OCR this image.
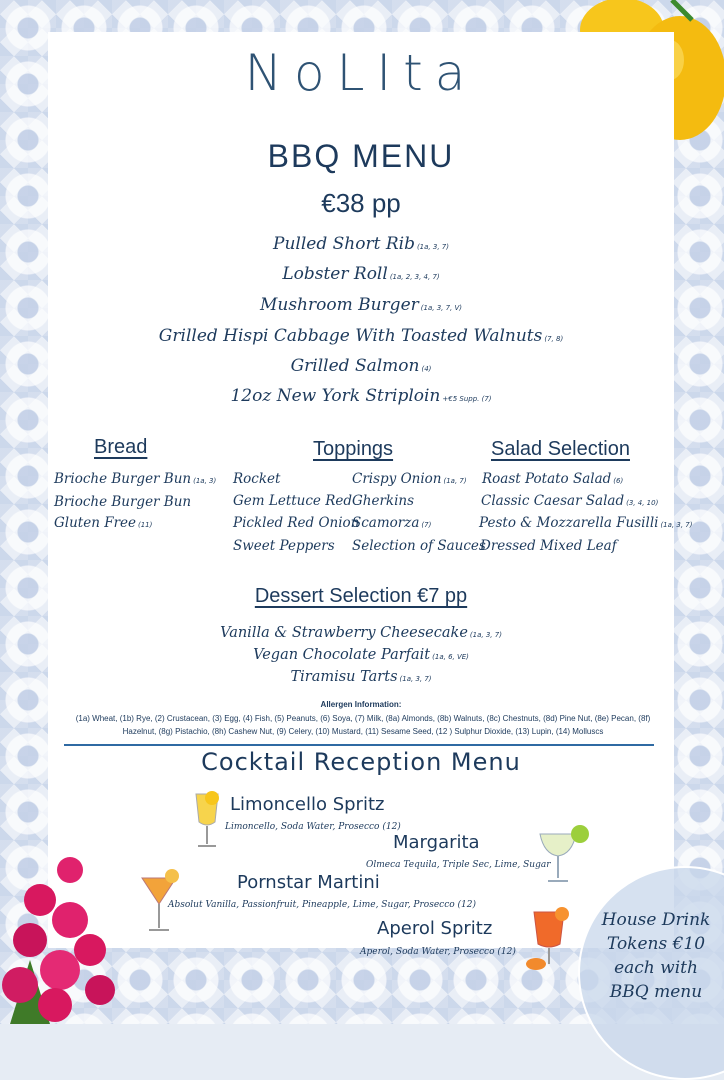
NoLIta
BBQ MENU
€38 pp
Pulled Short Rib (1a, 3, 7)
Lobster Roll (1a, 2, 3, 4, 7)
Mushroom Burger (1a, 3, 7, V)
Grilled Hispi Cabbage With Toasted Walnuts (7, 8)
Grilled Salmon (4)
12oz New York Striploin +€5 Supp. (7)
Bread
Brioche Burger Bun (1a, 3)
Brioche Burger Bun
Gluten Free (11)
Toppings
Rocket
Gem Lettuce Red
Pickled Red Onion
Sweet Peppers
Crispy Onion (1a, 7)
Gherkins
Scamorza (7)
Selection of Sauces
Salad Selection
Roast Potato Salad (6)
Classic Caesar Salad (3, 4, 10)
Pesto & Mozzarella Fusilli (1a, 3, 7)
Dressed Mixed Leaf
Dessert Selection €7 pp
Vanilla & Strawberry Cheesecake (1a, 3, 7)
Vegan Chocolate Parfait (1a, 6, VE)
Tiramisu Tarts (1a, 3, 7)
Allergen Information:
(1a) Wheat, (1b) Rye, (2) Crustacean, (3) Egg, (4) Fish, (5) Peanuts, (6) Soya, (7) Milk, (8a) Almonds, (8b) Walnuts, (8c) Chestnuts, (8d) Pine Nut, (8e) Pecan, (8f) Hazelnut, (8g) Pistachio, (8h) Cashew Nut, (9) Celery, (10) Mustard, (11) Sesame Seed, (12 ) Sulphur Dioxide, (13) Lupin, (14) Molluscs
Cocktail Reception Menu
Limoncello Spritz
Limoncello, Soda Water, Prosecco (12)
Margarita
Olmeca Tequila, Triple Sec, Lime, Sugar
Pornstar Martini
Absolut Vanilla, Passionfruit, Pineapple, Lime, Sugar, Prosecco (12)
Aperol Spritz
Aperol, Soda Water, Prosecco (12)
House Drink
Tokens €10
each with
BBQ menu
